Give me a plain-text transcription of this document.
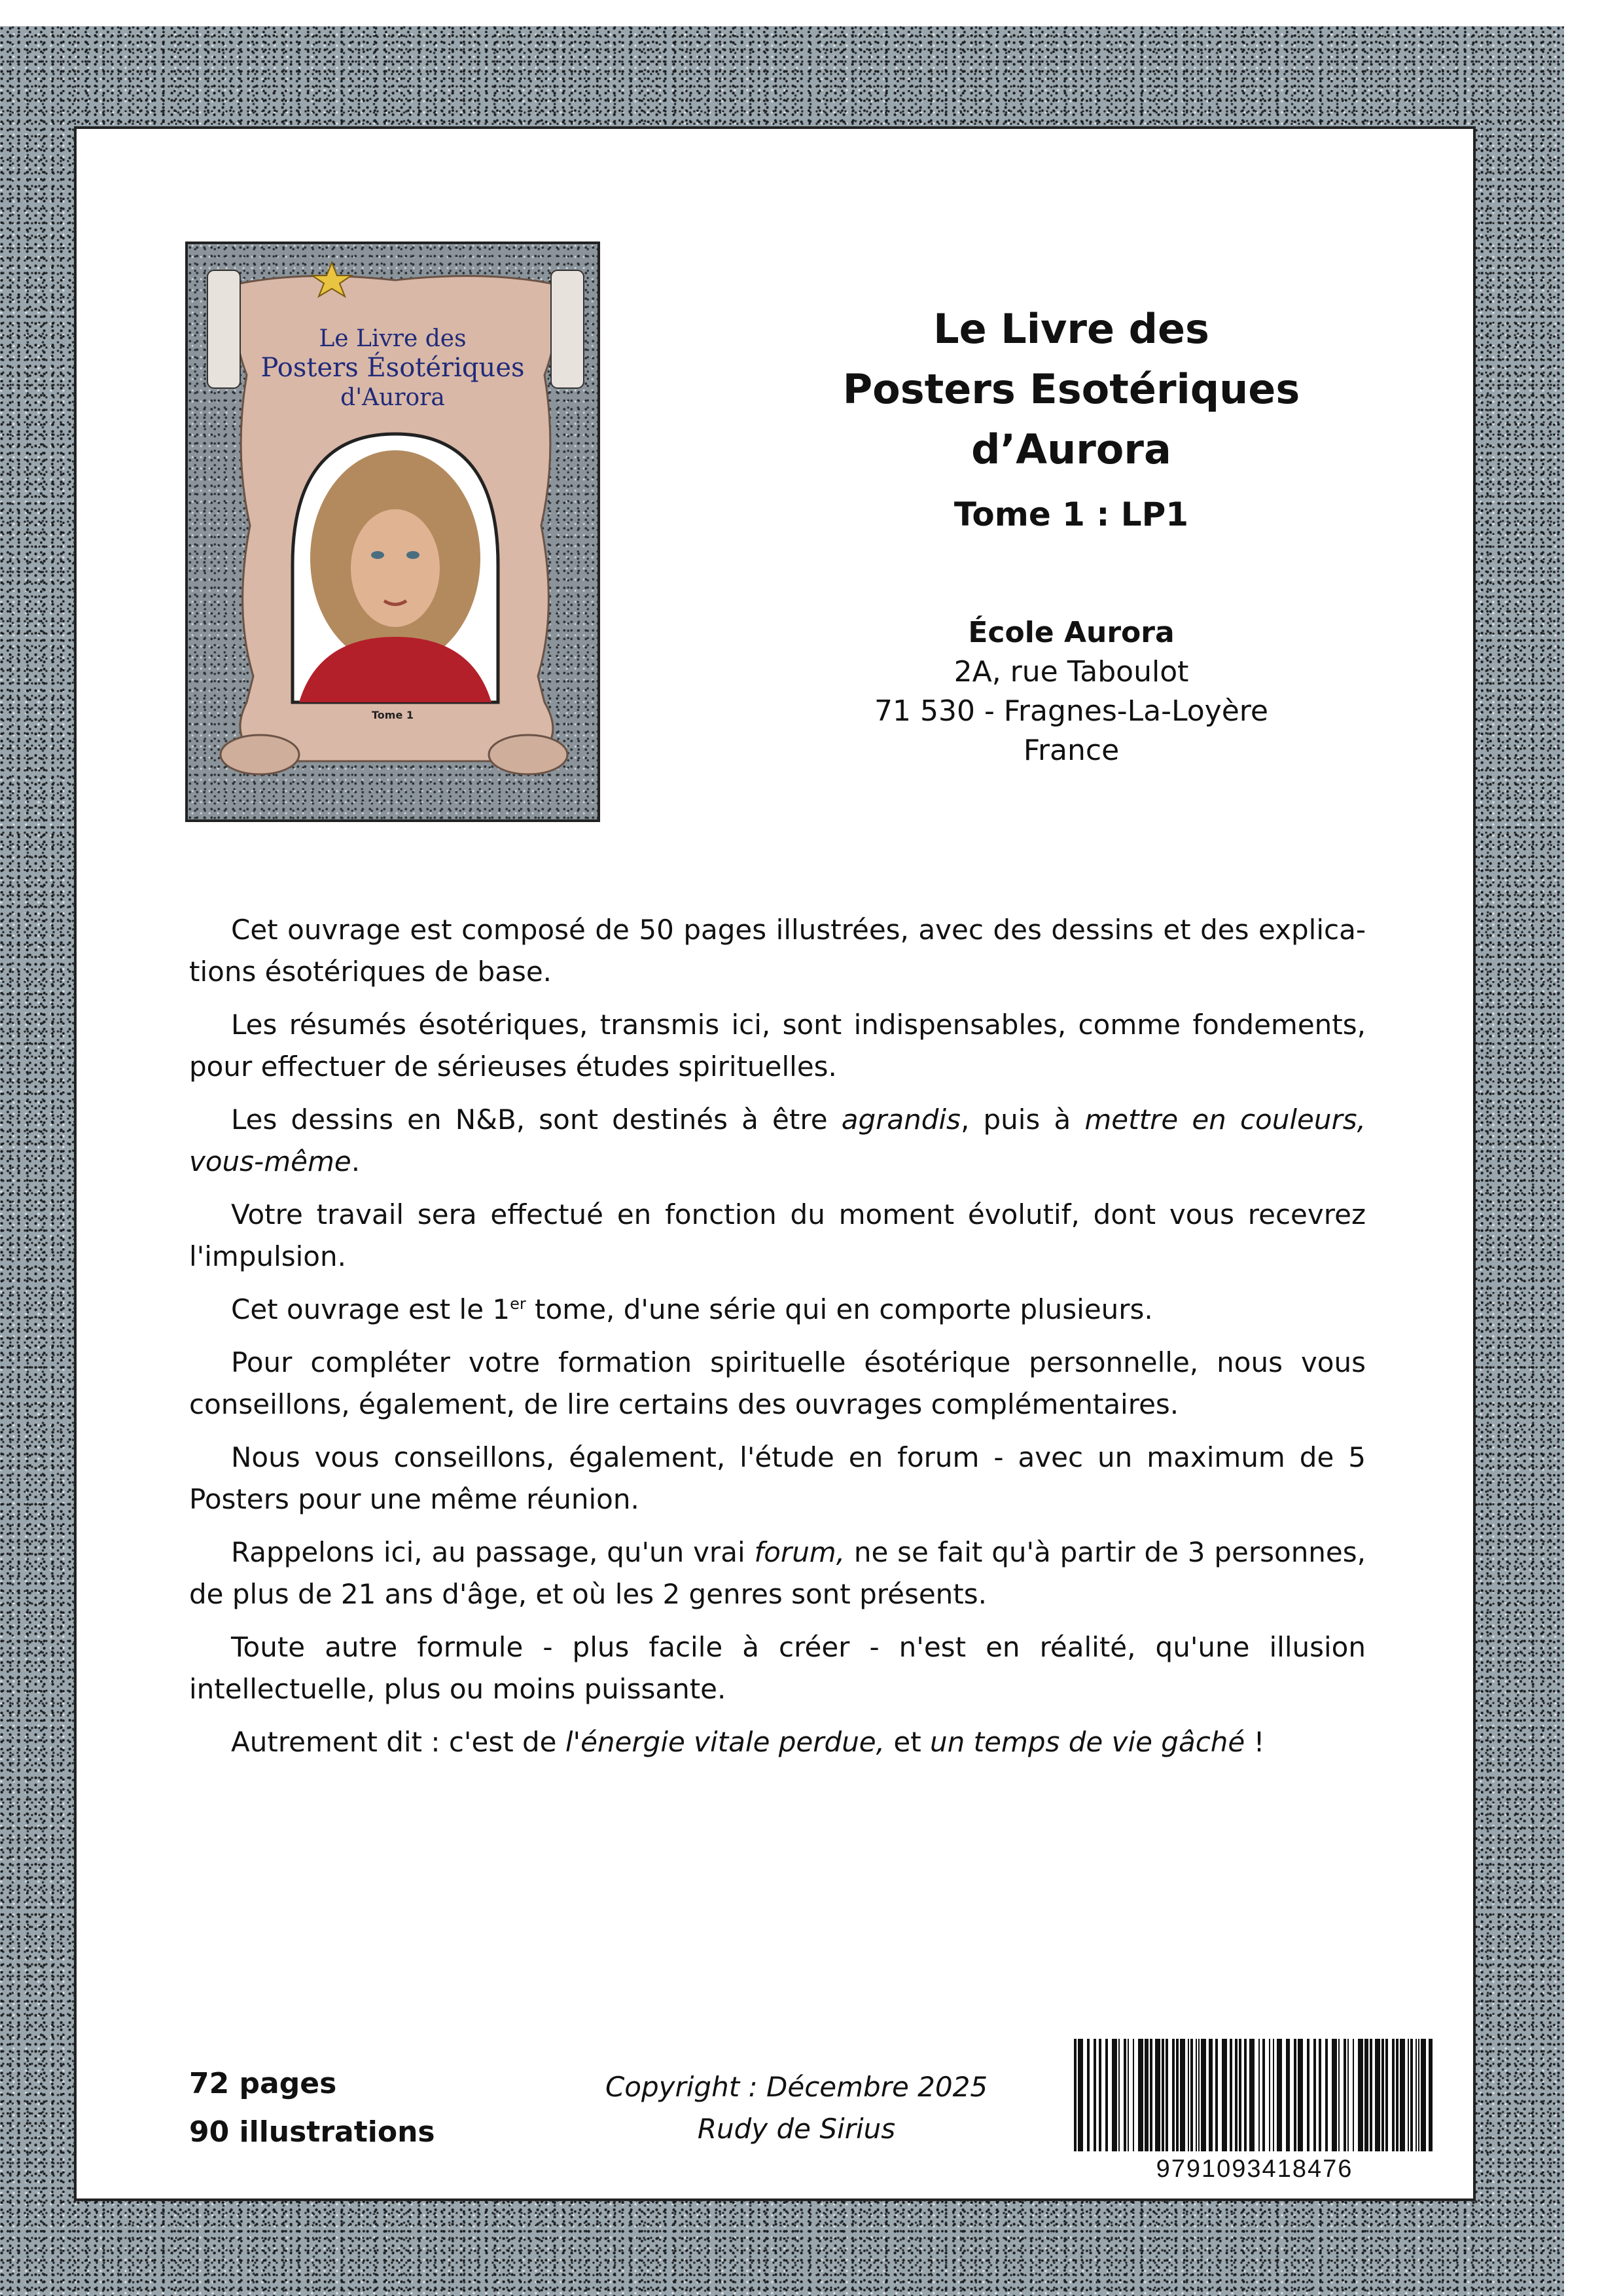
Le Livre des
Posters Ésotériques
d'Aurora
Tome 1
Le Livre des
Posters Esotériques
d’Aurora
Tome 1 : LP1
École Aurora
2A, rue Taboulot
71 530 - Fragnes-La-Loyère
France

Cet ouvrage est composé de 50 pages illustrées, avec des dessins et des explications ésotériques de base.

Les résumés ésotériques, transmis ici, sont indispensables, comme fondements, pour effectuer de sérieuses études spirituelles.

Les dessins en N&B, sont destinés à être agrandis, puis à mettre en couleurs, vous-même.

Votre travail sera effectué en fonction du moment évolutif, dont vous recevrez l'impulsion.

Cet ouvrage est le 1er tome, d'une série qui en comporte plusieurs.

Pour compléter votre formation spirituelle ésotérique personnelle, nous vous conseillons, également, de lire certains des ouvrages complémentaires.

Nous vous conseillons, également, l'étude en forum - avec un maximum de 5 Posters pour une même réunion.

Rappelons ici, au passage, qu'un vrai forum, ne se fait qu'à partir de 3 personnes, de plus de 21 ans d'âge, et où les 2 genres sont présents.

Toute autre formule - plus facile à créer - n'est en réalité, qu'une illusion intellectuelle, plus ou moins puissante.

Autrement dit : c'est de l'énergie vitale perdue, et un temps de vie gâché !

72 pages
90 illustrations
Copyright : Décembre 2025
Rudy de Sirius
9791093418476
